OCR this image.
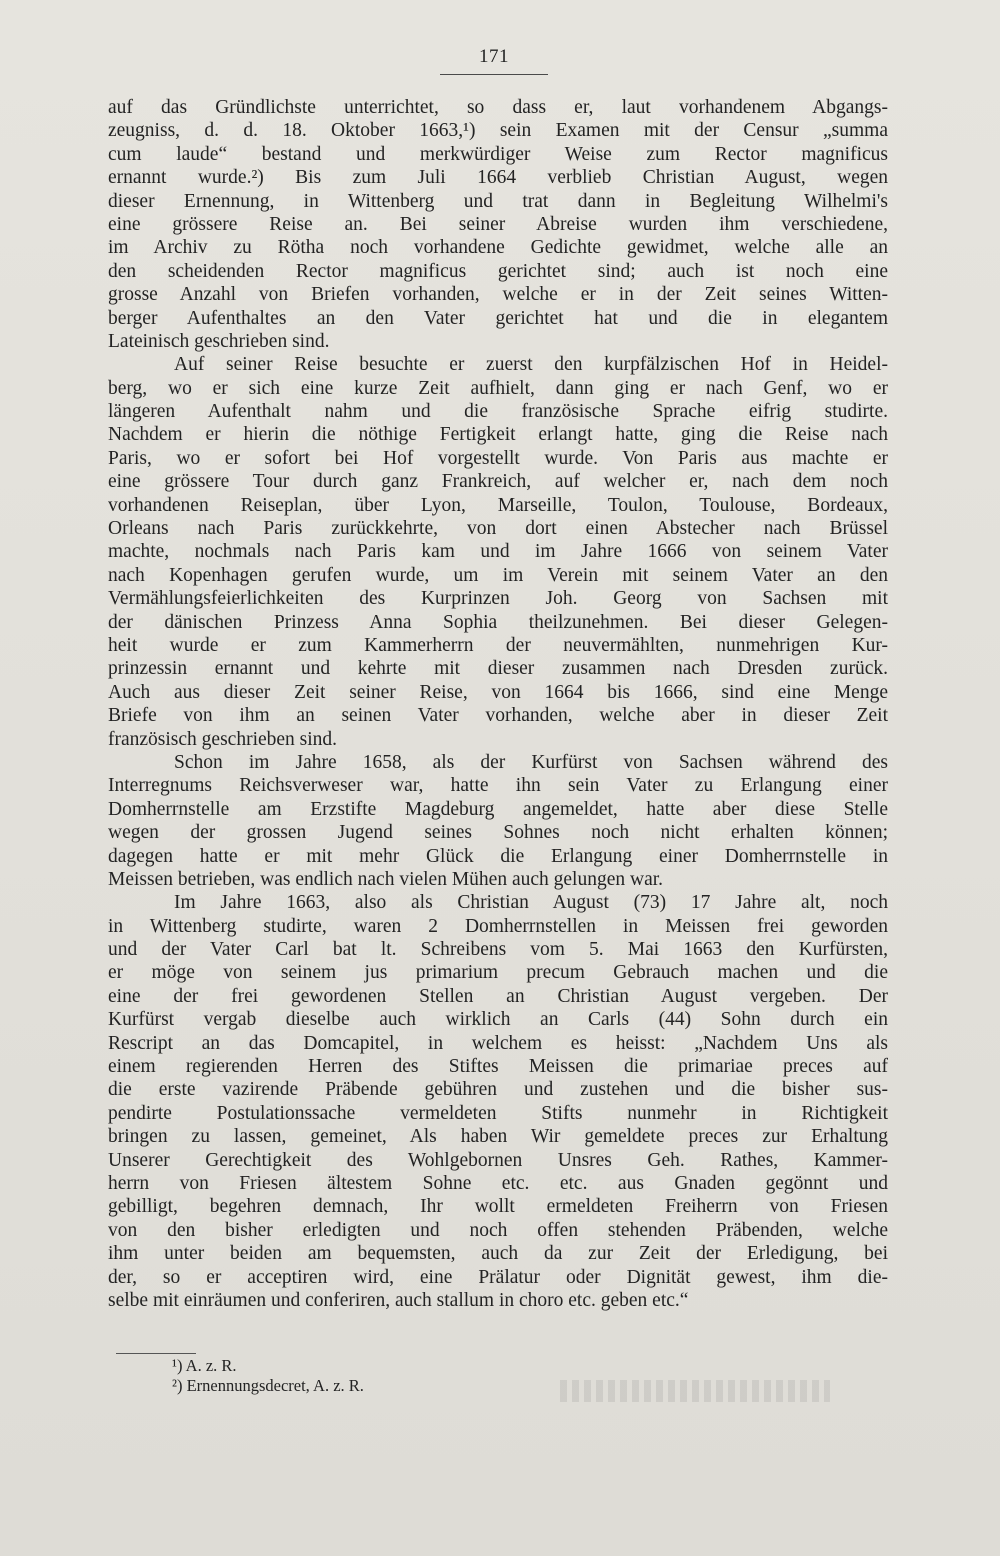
171
auf das Gründlichste unterrichtet, so dass er, laut vorhandenem Abgangs-
zeugniss, d. d. 18. Oktober 1663,¹) sein Examen mit der Censur „summa
cum laude“ bestand und merkwürdiger Weise zum Rector magnificus
ernannt wurde.²) Bis zum Juli 1664 verblieb Christian August, wegen
dieser Ernennung, in Wittenberg und trat dann in Begleitung Wilhelmi's
eine grössere Reise an. Bei seiner Abreise wurden ihm verschiedene,
im Archiv zu Rötha noch vorhandene Gedichte gewidmet, welche alle an
den scheidenden Rector magnificus gerichtet sind; auch ist noch eine
grosse Anzahl von Briefen vorhanden, welche er in der Zeit seines Witten-
berger Aufenthaltes an den Vater gerichtet hat und die in elegantem
Lateinisch geschrieben sind.
Auf seiner Reise besuchte er zuerst den kurpfälzischen Hof in Heidel-
berg, wo er sich eine kurze Zeit aufhielt, dann ging er nach Genf, wo er
längeren Aufenthalt nahm und die französische Sprache eifrig studirte.
Nachdem er hierin die nöthige Fertigkeit erlangt hatte, ging die Reise nach
Paris, wo er sofort bei Hof vorgestellt wurde. Von Paris aus machte er
eine grössere Tour durch ganz Frankreich, auf welcher er, nach dem noch
vorhandenen Reiseplan, über Lyon, Marseille, Toulon, Toulouse, Bordeaux,
Orleans nach Paris zurückkehrte, von dort einen Abstecher nach Brüssel
machte, nochmals nach Paris kam und im Jahre 1666 von seinem Vater
nach Kopenhagen gerufen wurde, um im Verein mit seinem Vater an den
Vermählungsfeierlichkeiten des Kurprinzen Joh. Georg von Sachsen mit
der dänischen Prinzess Anna Sophia theilzunehmen. Bei dieser Gelegen-
heit wurde er zum Kammerherrn der neuvermählten, nunmehrigen Kur-
prinzessin ernannt und kehrte mit dieser zusammen nach Dresden zurück.
Auch aus dieser Zeit seiner Reise, von 1664 bis 1666, sind eine Menge
Briefe von ihm an seinen Vater vorhanden, welche aber in dieser Zeit
französisch geschrieben sind.
Schon im Jahre 1658, als der Kurfürst von Sachsen während des
Interregnums Reichsverweser war, hatte ihn sein Vater zu Erlangung einer
Domherrnstelle am Erzstifte Magdeburg angemeldet, hatte aber diese Stelle
wegen der grossen Jugend seines Sohnes noch nicht erhalten können;
dagegen hatte er mit mehr Glück die Erlangung einer Domherrnstelle in
Meissen betrieben, was endlich nach vielen Mühen auch gelungen war.
Im Jahre 1663, also als Christian August (73) 17 Jahre alt, noch
in Wittenberg studirte, waren 2 Domherrnstellen in Meissen frei geworden
und der Vater Carl bat lt. Schreibens vom 5. Mai 1663 den Kurfürsten,
er möge von seinem jus primarium precum Gebrauch machen und die
eine der frei gewordenen Stellen an Christian August vergeben. Der
Kurfürst vergab dieselbe auch wirklich an Carls (44) Sohn durch ein
Rescript an das Domcapitel, in welchem es heisst: „Nachdem Uns als
einem regierenden Herren des Stiftes Meissen die primariae preces auf
die erste vazirende Präbende gebühren und zustehen und die bisher sus-
pendirte Postulationssache vermeldeten Stifts nunmehr in Richtigkeit
bringen zu lassen, gemeinet, Als haben Wir gemeldete preces zur Erhaltung
Unserer Gerechtigkeit des Wohlgebornen Unsres Geh. Rathes, Kammer-
herrn von Friesen ältestem Sohne etc. etc. aus Gnaden gegönnt und
gebilligt, begehren demnach, Ihr wollt ermeldeten Freiherrn von Friesen
von den bisher erledigten und noch offen stehenden Präbenden, welche
ihm unter beiden am bequemsten, auch da zur Zeit der Erledigung, bei
der, so er acceptiren wird, eine Prälatur oder Dignität gewest, ihm die-
selbe mit einräumen und conferiren, auch stallum in choro etc. geben etc.“
¹) A. z. R.
²) Ernennungsdecret, A. z. R.
